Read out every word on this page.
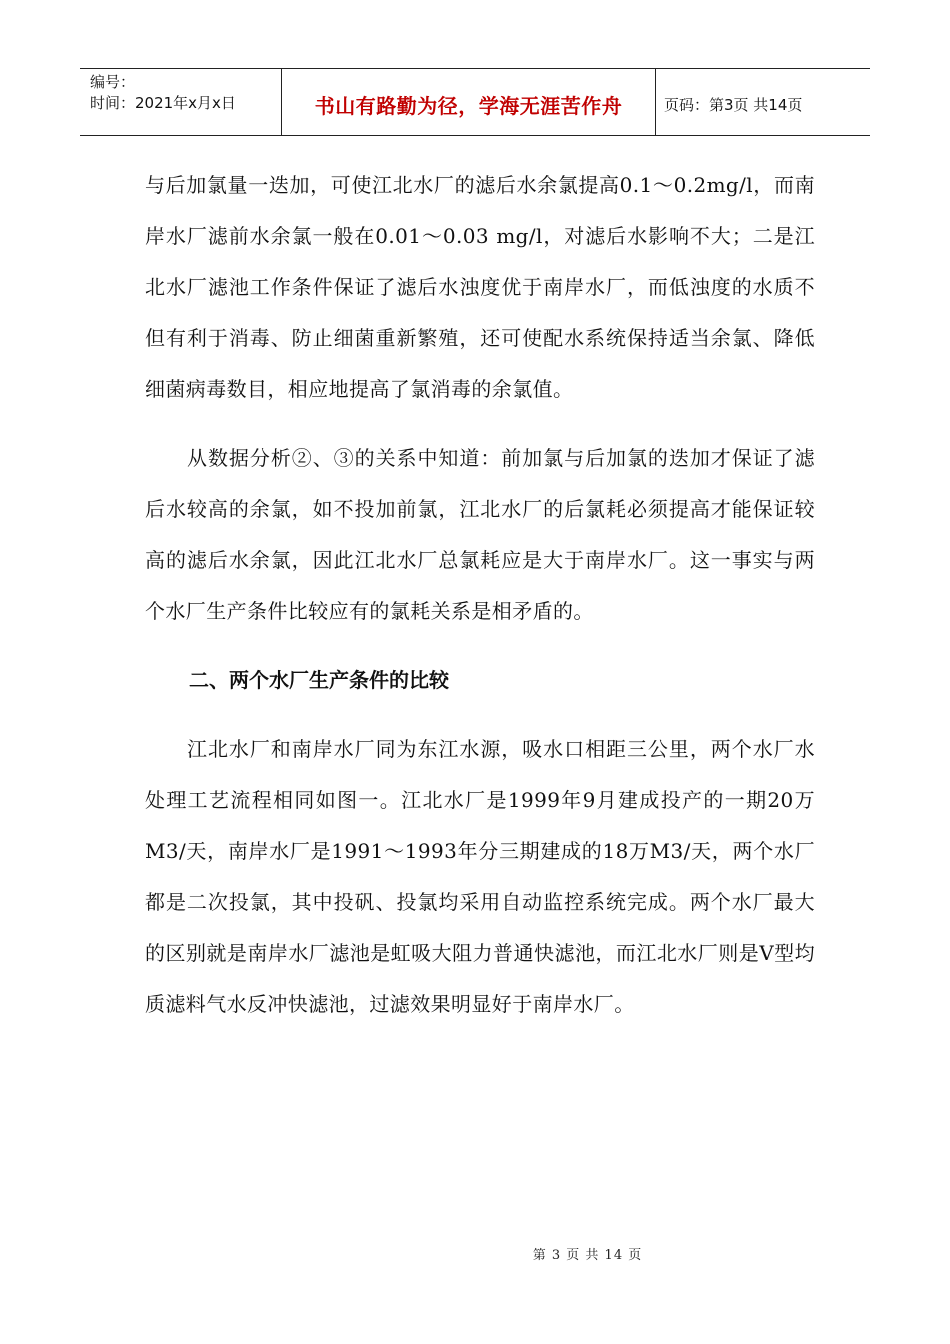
编号：
时间：2021年x月x日	书山有路勤为径，学海无涯苦作舟	页码：第3页 共14页

与后加氯量一迭加，可使江北水厂的滤后水余氯提高0.1～0.2mg/l，而南岸水厂滤前水余氯一般在0.01～0.03 mg/l，对滤后水影响不大；二是江北水厂滤池工作条件保证了滤后水浊度优于南岸水厂，而低浊度的水质不但有利于消毒、防止细菌重新繁殖，还可使配水系统保持适当余氯、降低细菌病毒数目，相应地提高了氯消毒的余氯值。

从数据分析②、③的关系中知道：前加氯与后加氯的迭加才保证了滤后水较高的余氯，如不投加前氯，江北水厂的后氯耗必须提高才能保证较高的滤后水余氯，因此江北水厂总氯耗应是大于南岸水厂。这一事实与两个水厂生产条件比较应有的氯耗关系是相矛盾的。

二、两个水厂生产条件的比较

江北水厂和南岸水厂同为东江水源，吸水口相距三公里，两个水厂水处理工艺流程相同如图一。江北水厂是1999年9月建成投产的一期20万M3/天，南岸水厂是1991～1993年分三期建成的18万M3/天，两个水厂都是二次投氯，其中投矾、投氯均采用自动监控系统完成。两个水厂最大的区别就是南岸水厂滤池是虹吸大阻力普通快滤池，而江北水厂则是V型均质滤料气水反冲快滤池，过滤效果明显好于南岸水厂。

第 3 页 共 14 页
